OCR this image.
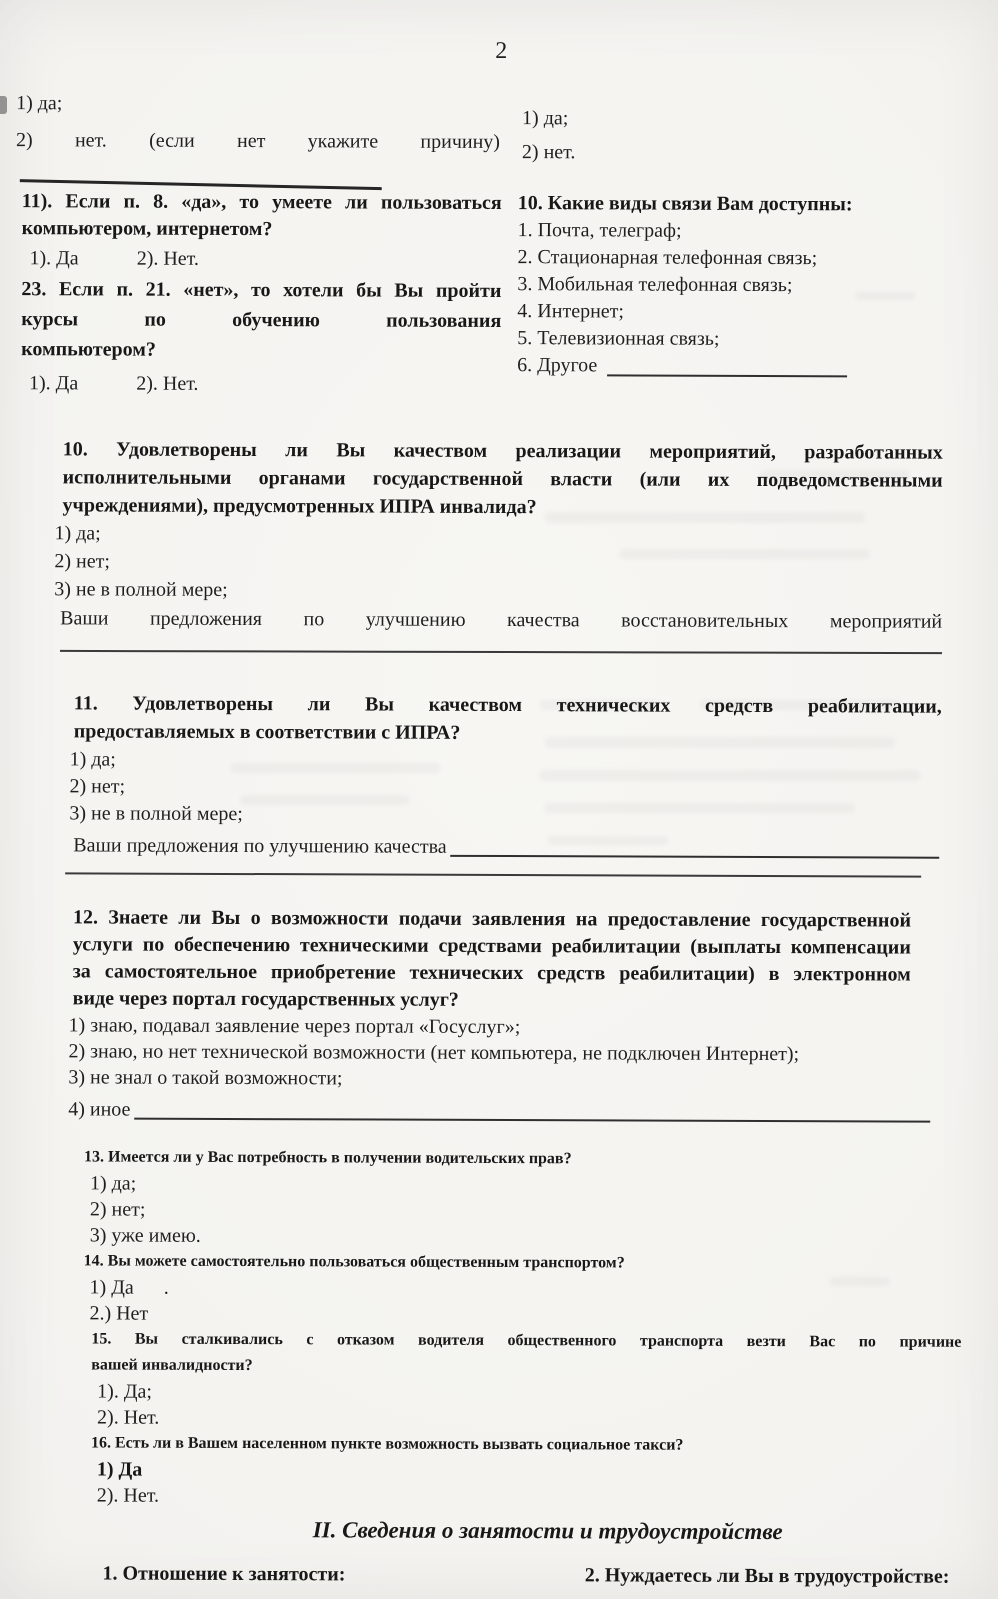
2
1) да;
2) нет. (если нет укажите причину)
1) да;
2) нет.
11). Если п. 8. «да», то умеете ли пользоваться
компьютером, интернетом?
1). Да	2). Нет.
23. Если п. 21. «нет», то хотели бы Вы пройти
курсы по обучению пользования
компьютером?
1). Да	2). Нет.
10. Какие виды связи Вам доступны:
1. Почта, телеграф;
2. Стационарная телефонная связь;
3. Мобильная телефонная связь;
4. Интернет;
5. Телевизионная связь;
6. Другое
10. Удовлетворены ли Вы качеством реализации мероприятий, разработанных
исполнительными органами государственной власти (или их подведомственными
учреждениями), предусмотренных ИПРА инвалида?
1) да;
2) нет;
3) не в полной мере;
Ваши предложения по улучшению качества восстановительных мероприятий
11. Удовлетворены ли Вы качеством технических средств реабилитации,
предоставляемых в соответствии с ИПРА?
1) да;
2) нет;
3) не в полной мере;
Ваши предложения по улучшению качества
12. Знаете ли Вы о возможности подачи заявления на предоставление государственной
услуги по обеспечению техническими средствами реабилитации (выплаты компенсации
за самостоятельное приобретение технических средств реабилитации) в электронном
виде через портал государственных услуг?
1) знаю, подавал заявление через портал «Госуслуг»;
2) знаю, но нет технической возможности (нет компьютера, не подключен Интернет);
3) не знал о такой возможности;
4) иное
13. Имеется ли у Вас потребность в получении водительских прав?
1) да;
2) нет;
3) уже имею.
14. Вы можете самостоятельно пользоваться общественным транспортом?
1) Да      .
2.) Нет
15. Вы сталкивались с отказом водителя общественного транспорта везти Вас по причине
вашей инвалидности?
1). Да;
2). Нет.
16. Есть ли в Вашем населенном пункте возможность вызвать социальное такси?
1) Да
2). Нет.
II. Сведения о занятости и трудоустройстве
1. Отношение к занятости:	2. Нуждаетесь ли Вы в трудоустройстве:
